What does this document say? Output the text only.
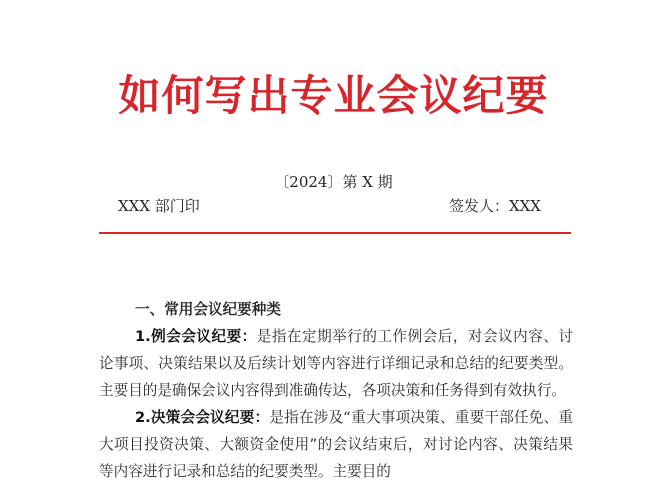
如何写出专业会议纪要
〔2024〕第 X 期
XXX 部门印	签发人：XXX
一、常用会议纪要种类
1.例会会议纪要：是指在定期举行的工作例会后，对会议内容、讨论事项、决策结果以及后续计划等内容进行详细记录和总结的纪要类型。主要目的是确保会议内容得到准确传达，各项决策和任务得到有效执行。
2.决策会会议纪要：是指在涉及“重大事项决策、重要干部任免、重大项目投资决策、大额资金使用”的会议结束后，对讨论内容、决策结果等内容进行记录和总结的纪要类型。主要目的
